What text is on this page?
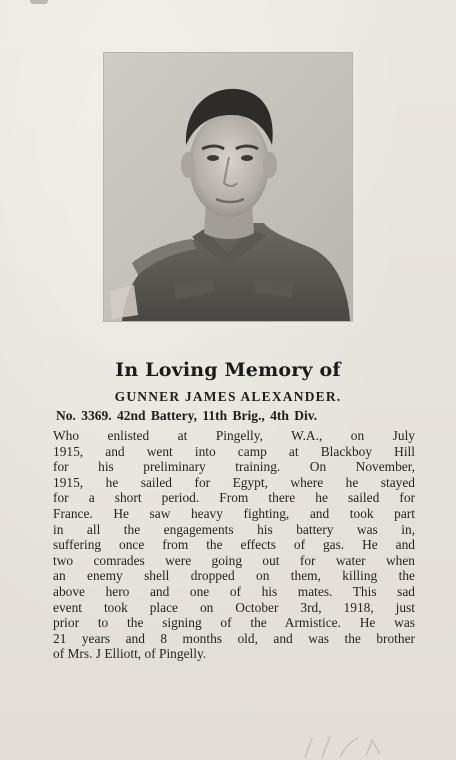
In Loving Memory of
GUNNER JAMES ALEXANDER.
No. 3369. 42nd Battery, 11th Brig., 4th Div.
Who enlisted at Pingelly, W.A., on July
1915, and went into camp at Blackboy Hill
for his preliminary training. On November,
1915, he sailed for Egypt, where he stayed
for a short period. From there he sailed for
France. He saw heavy fighting, and took part
in all the engagements his battery was in,
suffering once from the effects of gas. He and
two comrades were going out for water when
an enemy shell dropped on them, killing the
above hero and one of his mates. This sad
event took place on October 3rd, 1918, just
prior to the signing of the Armistice. He was
21 years and 8 months old, and was the brother
of Mrs. J Elliott, of Pingelly.
